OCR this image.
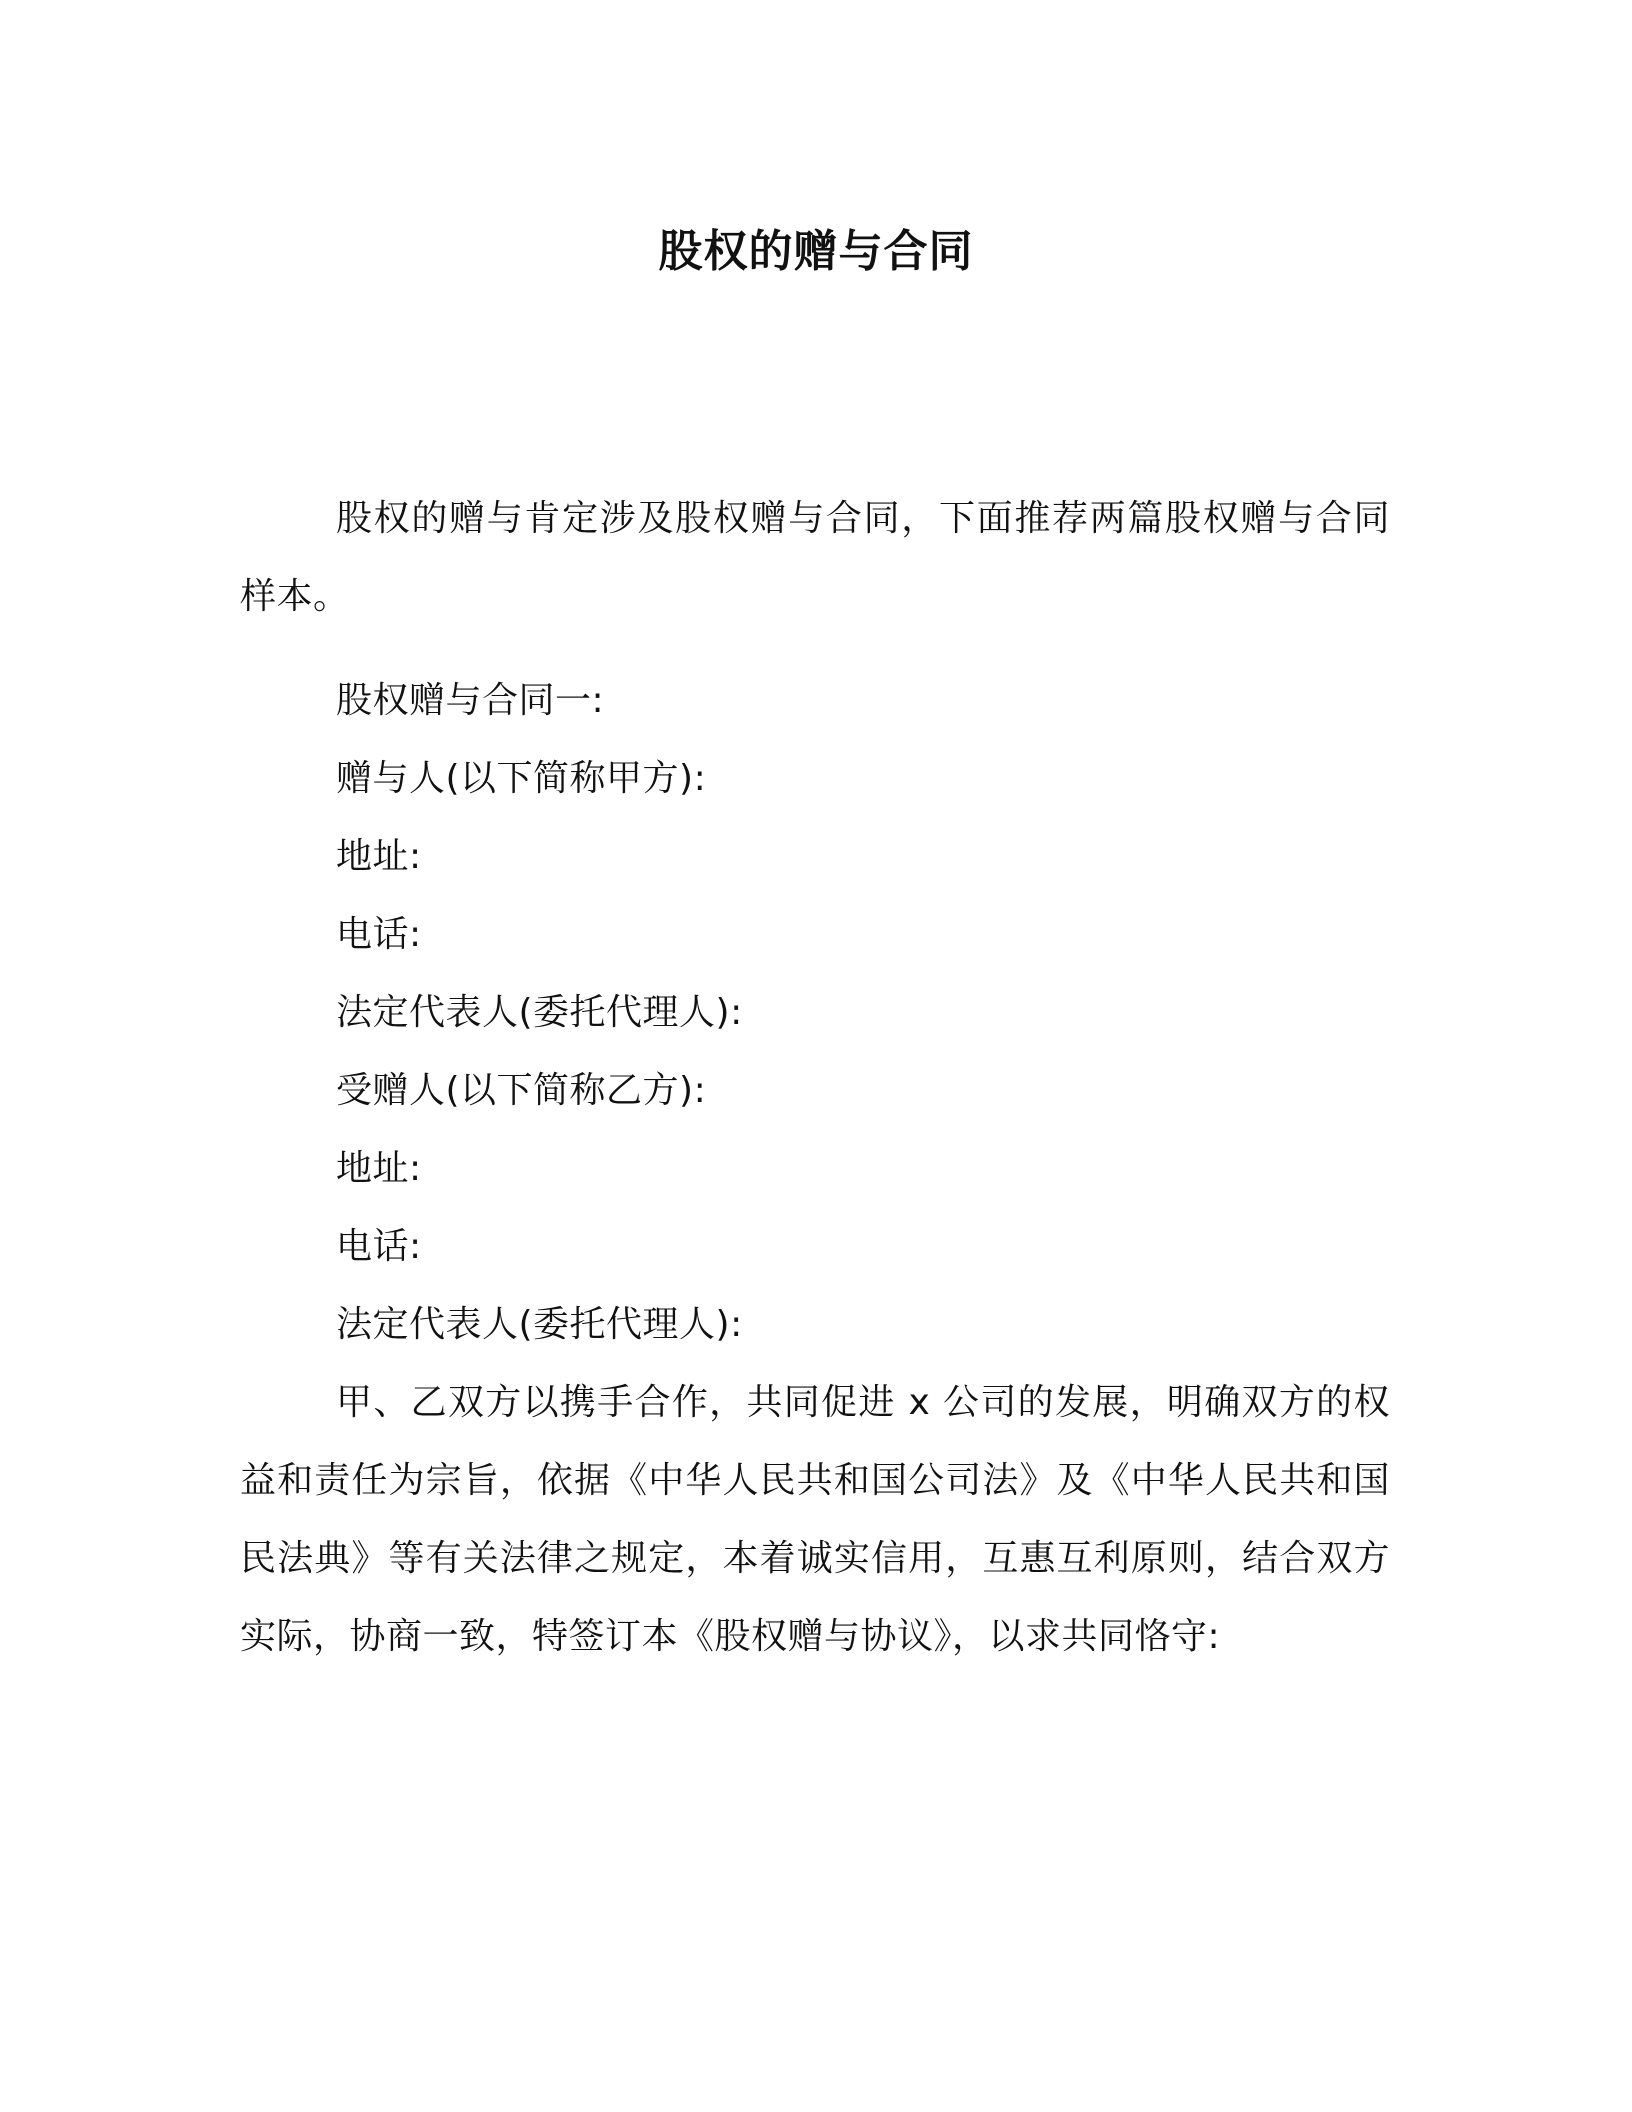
股权的赠与合同

股权的赠与肯定涉及股权赠与合同，下面推荐两篇股权赠与合同样本。

股权赠与合同一:

赠与人(以下简称甲方):

地址:

电话:

法定代表人(委托代理人):

受赠人(以下简称乙方):

地址:

电话:

法定代表人(委托代理人):

甲、乙双方以携手合作，共同促进 x 公司的发展，明确双方的权益和责任为宗旨，依据《中华人民共和国公司法》及《中华人民共和国民法典》等有关法律之规定，本着诚实信用，互惠互利原则，结合双方实际，协商一致，特签订本《股权赠与协议》，以求共同恪守:
